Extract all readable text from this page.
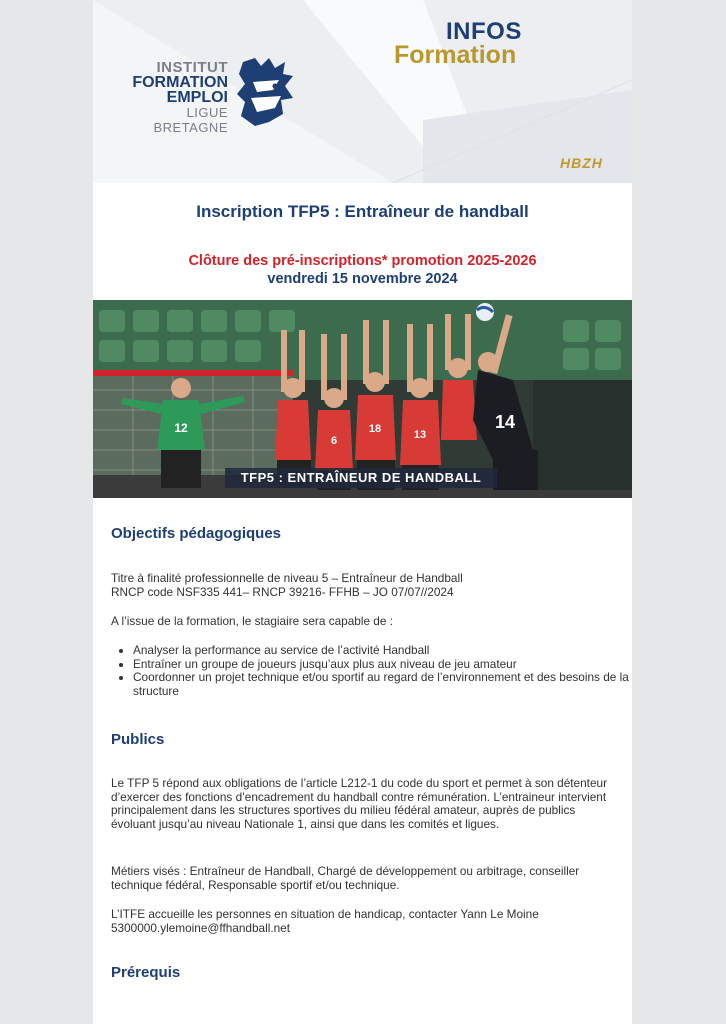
INSTITUT
FORMATION
EMPLOI
LIGUE
BRETAGNE
INFOS
Formation
HBZH
Inscription TFP5 : Entraîneur de handball
Clôture des pré-inscriptions* promotion 2025-2026
vendredi 15 novembre 2024
12
6
18	13
14
TFP5 : ENTRAÎNEUR DE HANDBALL
Objectifs pédagogiques
Titre à finalité professionnelle de niveau 5 – Entraîneur de Handball
RNCP code NSF335 441– RNCP 39216- FFHB – JO 07/07//2024
A l’issue de la formation, le stagiaire sera capable de :
• Analyser la performance au service de l’activité Handball
• Entraîner un groupe de joueurs jusqu’aux plus aux niveau de jeu amateur
• Coordonner un projet technique et/ou sportif au regard de l’environnement et des besoins de la structure
Publics
Le TFP 5 répond aux obligations de l’article L212-1 du code du sport et permet à son détenteur d’exercer des fonctions d’encadrement du handball contre rémunération. L’entraineur intervient principalement dans les structures sportives du milieu fédéral amateur, auprès de publics évoluant jusqu’au niveau Nationale 1, ainsi que dans les comités et ligues.
Métiers visés : Entraîneur de Handball, Chargé de développement ou arbitrage, conseiller technique fédéral, Responsable sportif et/ou technique.
L’ITFE accueille les personnes en situation de handicap, contacter Yann Le Moine 5300000.ylemoine@ffhandball.net
Prérequis
